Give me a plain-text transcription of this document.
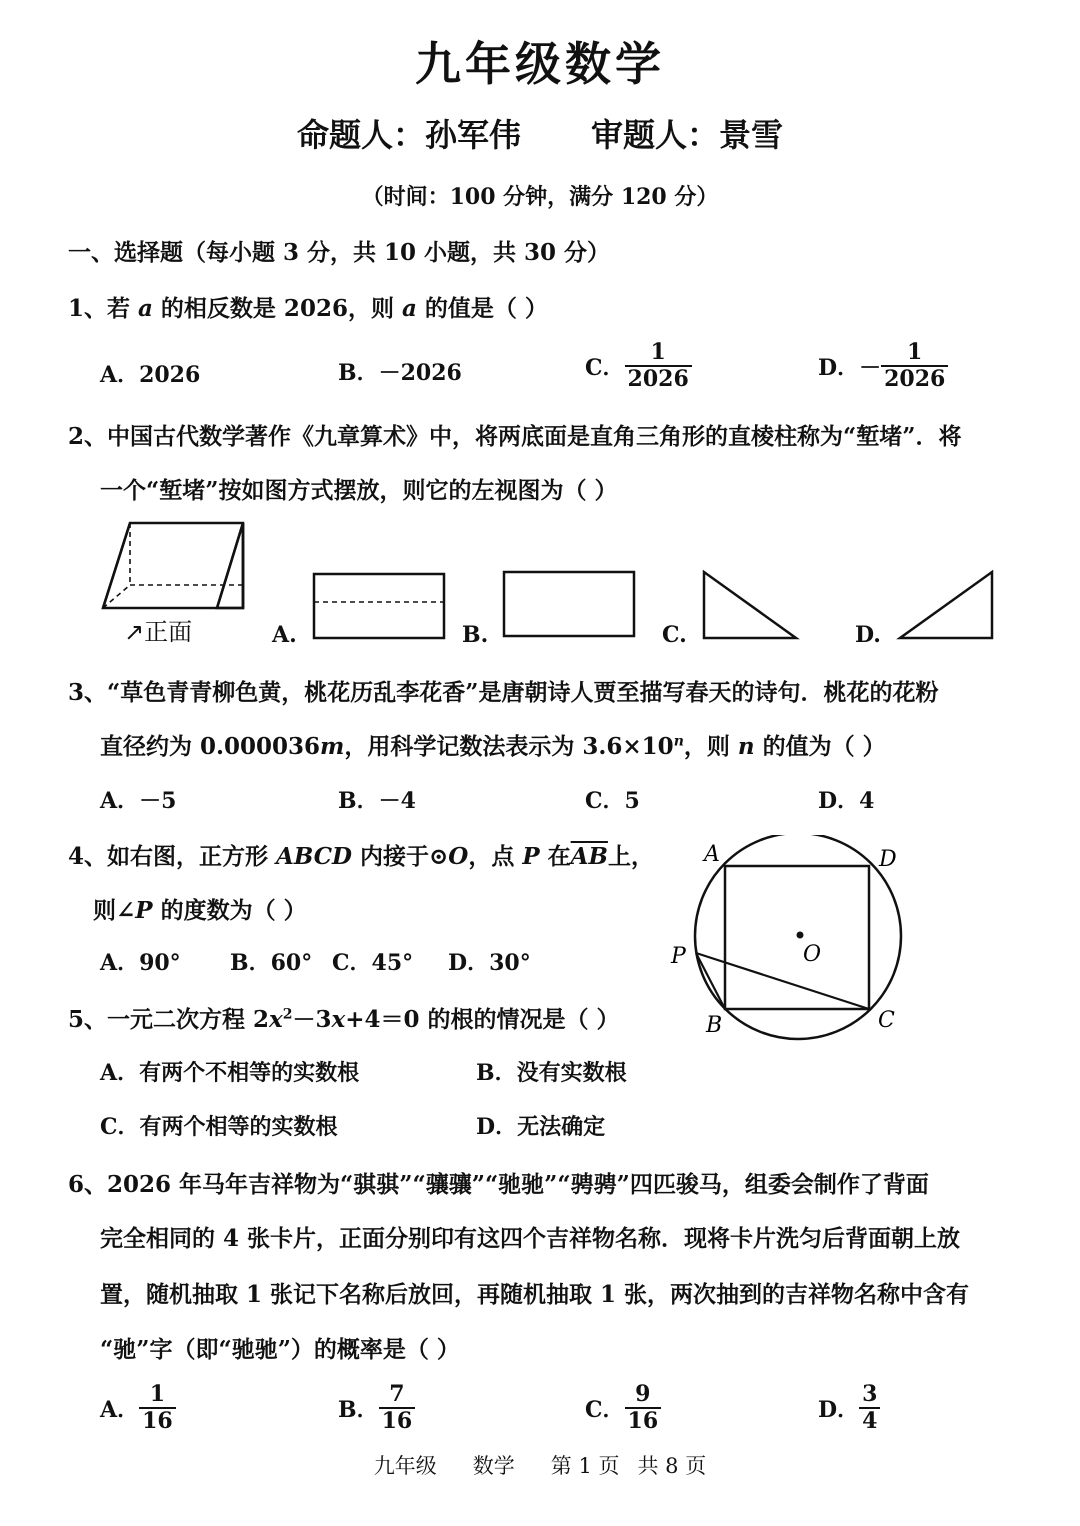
九年级数学
命题人：孙军伟 审题人：景雪
（时间：100 分钟，满分 120 分）
一、选择题（每小题 3 分，共 10 小题，共 30 分）
1、若 a 的相反数是 2026，则 a 的值是（ ）
A．2026	B．－2026	C． $\frac{1}{2026}$	D．－ $\frac{1}{2026}$
2、中国古代数学著作《九章算术》中，将两底面是直角三角形的直棱柱称为“堑堵”．将
一个“堑堵”按如图方式摆放，则它的左视图为（ ）
↗正面	A.	B.	C.	D.
3、“草色青青柳色黄，桃花历乱李花香”是唐朝诗人贾至描写春天的诗句．桃花的花粉
直径约为 0.000036m，用科学记数法表示为 $3.6\times 10^n$，则 n 的值为（ ）
A．－5	B．－4	C．5	D．4
4、如右图，正方形 ABCD 内接于⊙O，点 P 在$\overline{AB}$上，
则∠P 的度数为（ ）
A．90° B．60° C．45° D．30°
A	D
P	O
B	C
5、一元二次方程 $2x^2-3x+4=0$ 的根的情况是（ ）
A．有两个不相等的实数根	B．没有实数根
C．有两个相等的实数根	D．无法确定
6、2026 年马年吉祥物为“骐骐”“骧骧”“驰驰”“骋骋”四匹骏马，组委会制作了背面
完全相同的 4 张卡片，正面分别印有这四个吉祥物名称．现将卡片洗匀后背面朝上放
置，随机抽取 1 张记下名称后放回，再随机抽取 1 张，两次抽到的吉祥物名称中含有
“驰”字（即“驰驰”）的概率是（ ）
A． $\frac{1}{16}$	B． $\frac{7}{16}$	C． $\frac{9}{16}$	D． $\frac{3}{4}$
九年级 数学 第 1 页 共 8 页
